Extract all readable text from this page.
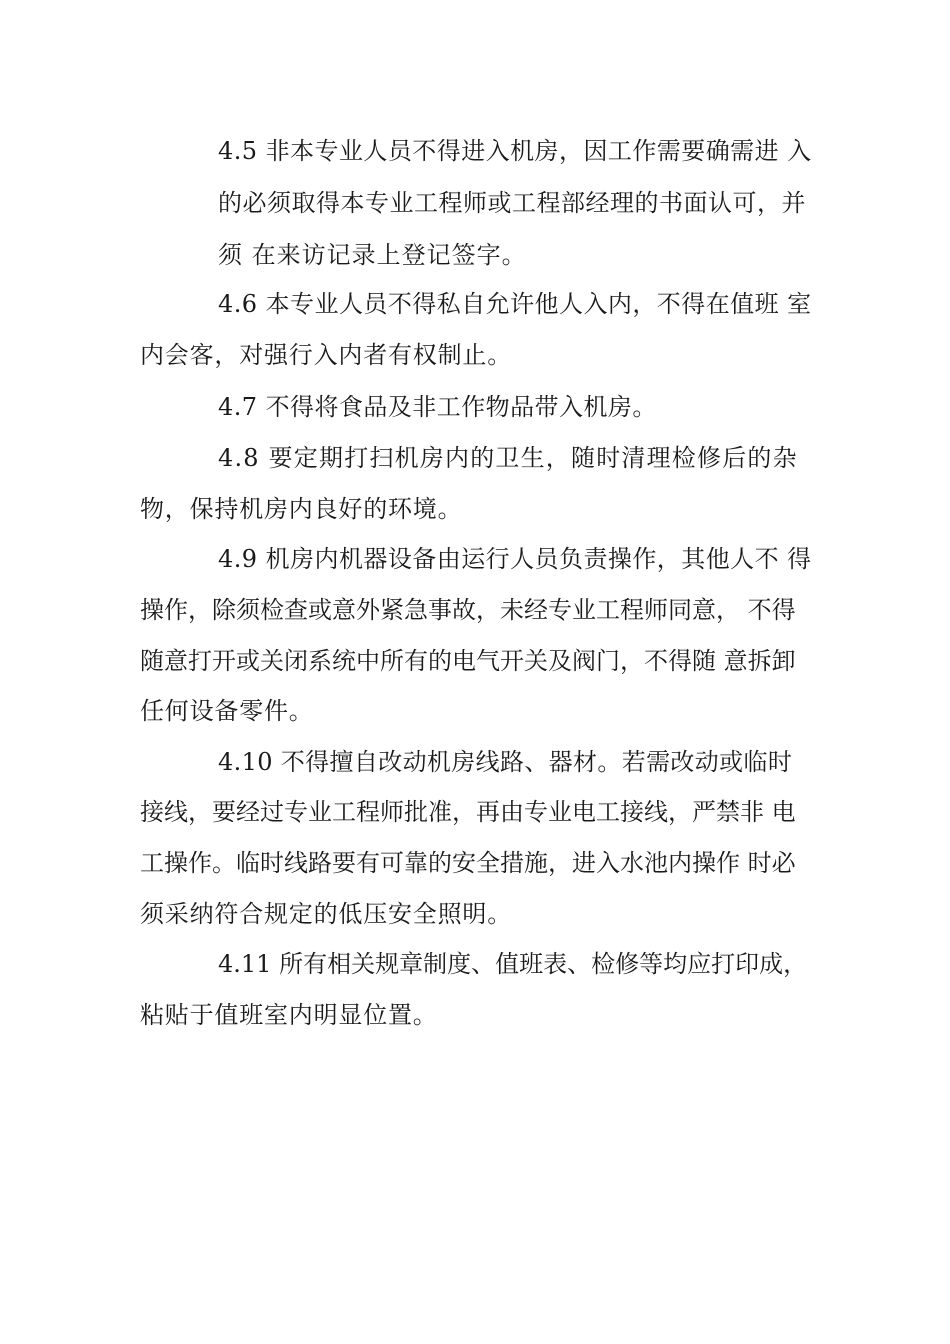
4.5 非本专业人员不得进入机房，因工作需要确需进 入
的必须取得本专业工程师或工程部经理的书面认可，并
须 在来访记录上登记签字。
4.6 本专业人员不得私自允许他人入内，不得在值班 室
内会客，对强行入内者有权制止。
4.7 不得将食品及非工作物品带入机房。
4.8 要定期打扫机房内的卫生，随时清理检修后的杂
物，保持机房内良好的环境。
4.9 机房内机器设备由运行人员负责操作，其他人不 得
操作，除须检查或意外紧急事故，未经专业工程师同意， 不得
随意打开或关闭系统中所有的电气开关及阀门，不得随 意拆卸
任何设备零件。
4.10 不得擅自改动机房线路、器材。若需改动或临时
接线，要经过专业工程师批准，再由专业电工接线，严禁非 电
工操作。临时线路要有可靠的安全措施，进入水池内操作 时必
须采纳符合规定的低压安全照明。
4.11 所有相关规章制度、值班表、检修等均应打印成，
粘贴于值班室内明显位置。
